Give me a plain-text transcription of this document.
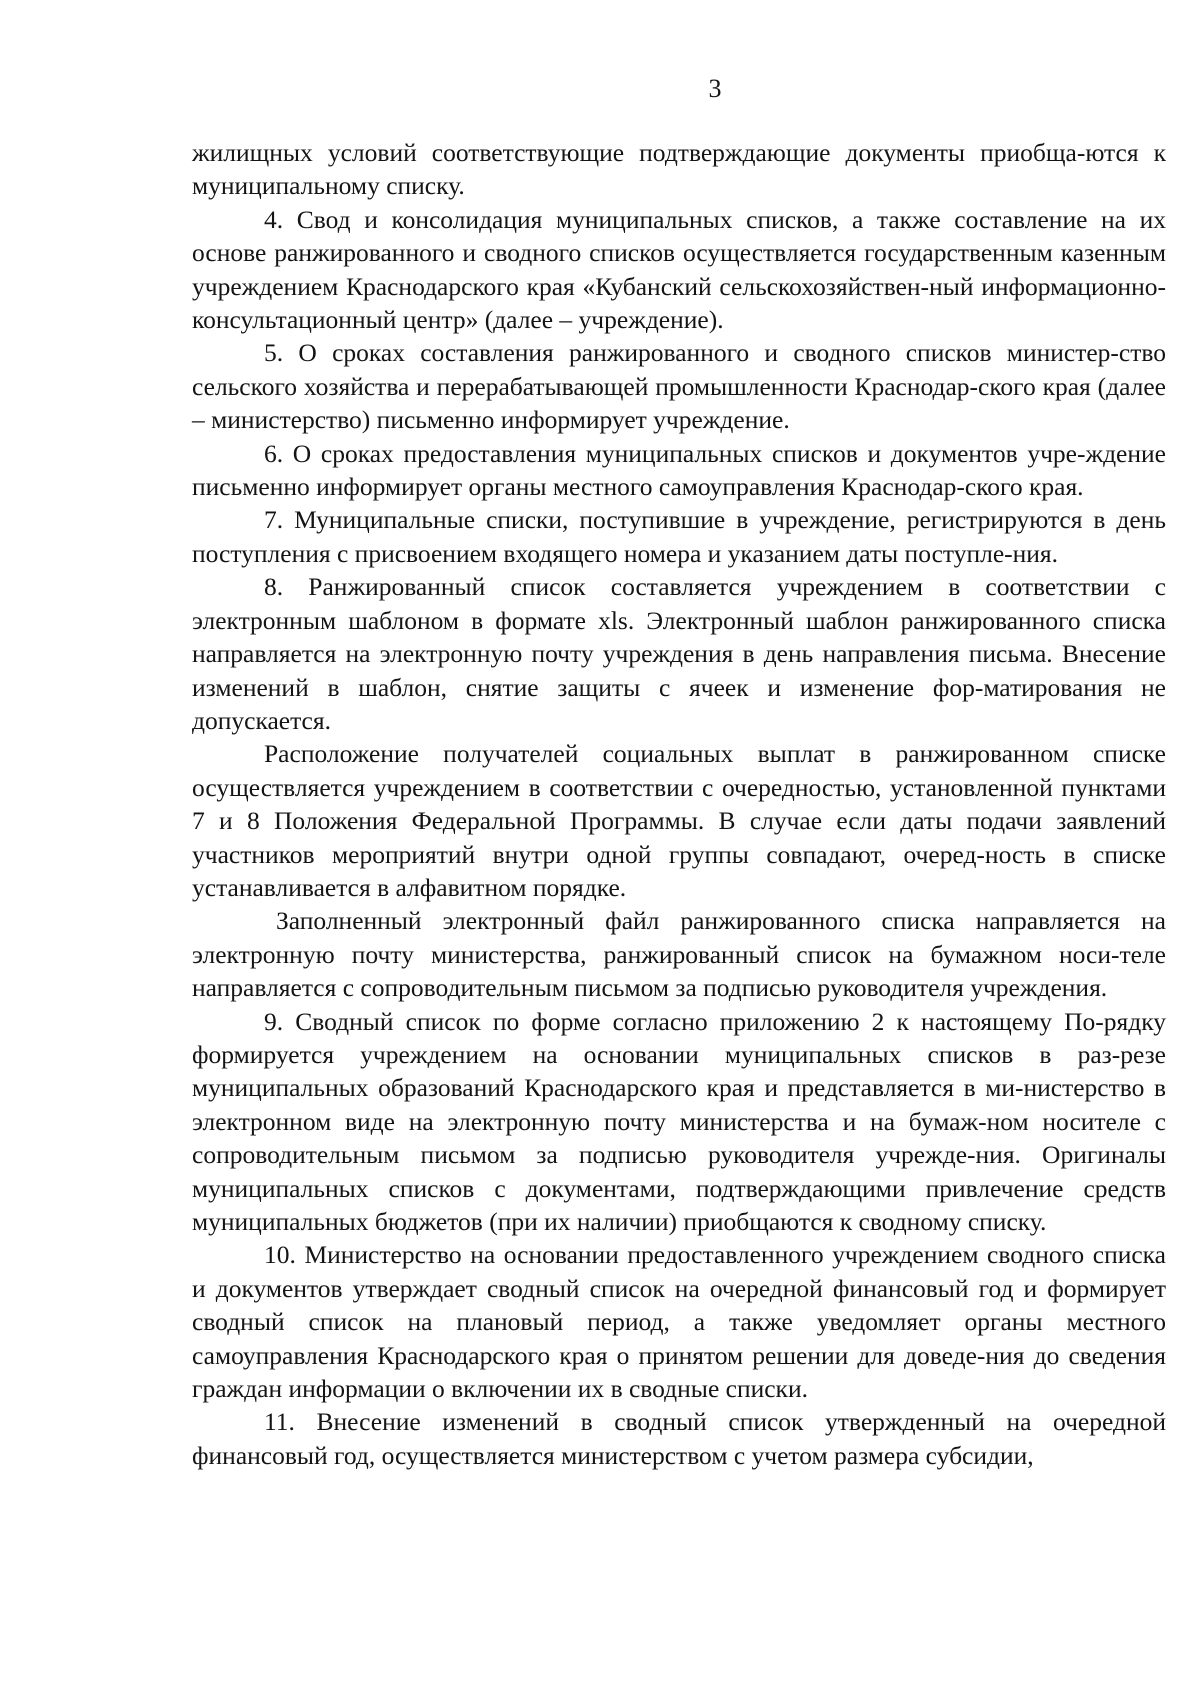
3

жилищных условий соответствующие подтверждающие документы приобща-ются к муниципальному списку.

4. Свод и консолидация муниципальных списков, а также составление на их основе ранжированного и сводного списков осуществляется государственным казенным учреждением Краснодарского края «Кубанский сельскохозяйствен-ный информационно-консультационный центр» (далее – учреждение).

5. О сроках составления ранжированного и сводного списков министер-ство сельского хозяйства и перерабатывающей промышленности Краснодар-ского края (далее – министерство) письменно информирует учреждение.

6. О сроках предоставления муниципальных списков и документов учре-ждение письменно информирует органы местного самоуправления Краснодар-ского края.

7. Муниципальные списки, поступившие в учреждение, регистрируются в день поступления с присвоением входящего номера и указанием даты поступле-ния.

8. Ранжированный список составляется учреждением в соответствии с электронным шаблоном в формате xls. Электронный шаблон ранжированного списка направляется на электронную почту учреждения в день направления письма. Внесение изменений в шаблон, снятие защиты с ячеек и изменение фор-матирования не допускается.

Расположение получателей социальных выплат в ранжированном списке осуществляется учреждением в соответствии с очередностью, установленной пунктами 7 и 8 Положения Федеральной Программы. В случае если даты подачи заявлений участников мероприятий внутри одной группы совпадают, очеред-ность в списке устанавливается в алфавитном порядке.

Заполненный электронный файл ранжированного списка направляется на электронную почту министерства, ранжированный список на бумажном носи-теле направляется с сопроводительным письмом за подписью руководителя учреждения.

9. Сводный список по форме согласно приложению 2 к настоящему По-рядку формируется учреждением на основании муниципальных списков в раз-резе муниципальных образований Краснодарского края и представляется в ми-нистерство в электронном виде на электронную почту министерства и на бумаж-ном носителе с сопроводительным письмом за подписью руководителя учрежде-ния. Оригиналы муниципальных списков с документами, подтверждающими привлечение средств муниципальных бюджетов (при их наличии) приобщаются к сводному списку.

10. Министерство на основании предоставленного учреждением сводного списка и документов утверждает сводный список на очередной финансовый год и формирует сводный список на плановый период, а также уведомляет органы местного самоуправления Краснодарского края о принятом решении для доведе-ния до сведения граждан информации о включении их в сводные списки.

11. Внесение изменений в сводный список утвержденный на очередной финансовый год, осуществляется министерством с учетом размера субсидии,
